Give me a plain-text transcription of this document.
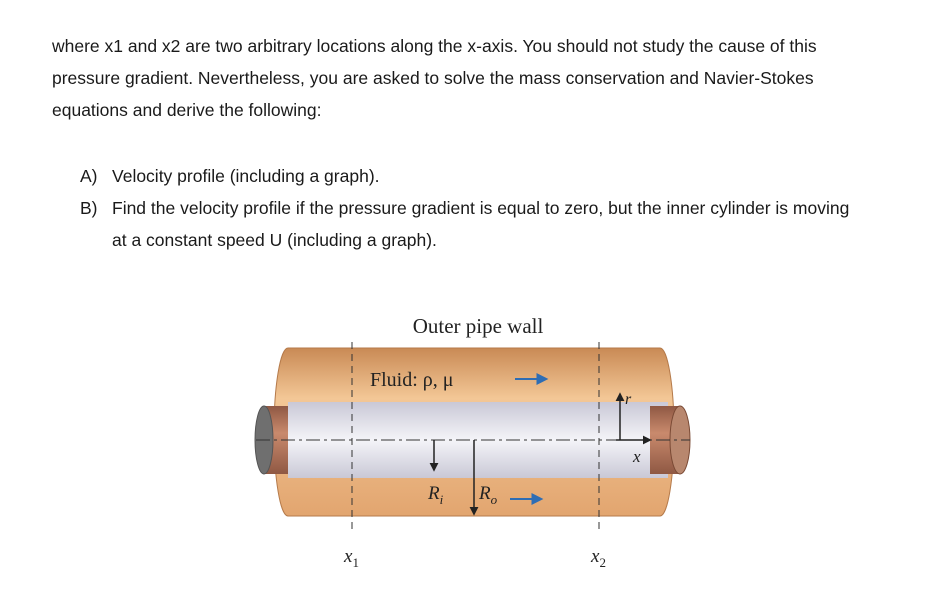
where x1 and x2 are two arbitrary locations along the x-axis. You should not study the cause of this
pressure gradient. Nevertheless, you are asked to solve the mass conservation and Navier-Stokes
equations and derive the following:
A) Velocity profile (including a graph).
B) Find the velocity profile if the pressure gradient is equal to zero, but the inner cylinder is moving
at a constant speed U (including a graph).
Outer pipe wall
Fluid: ρ, μ
$R_i$ $R_o$
$x_1$	$x_2$
r
x
